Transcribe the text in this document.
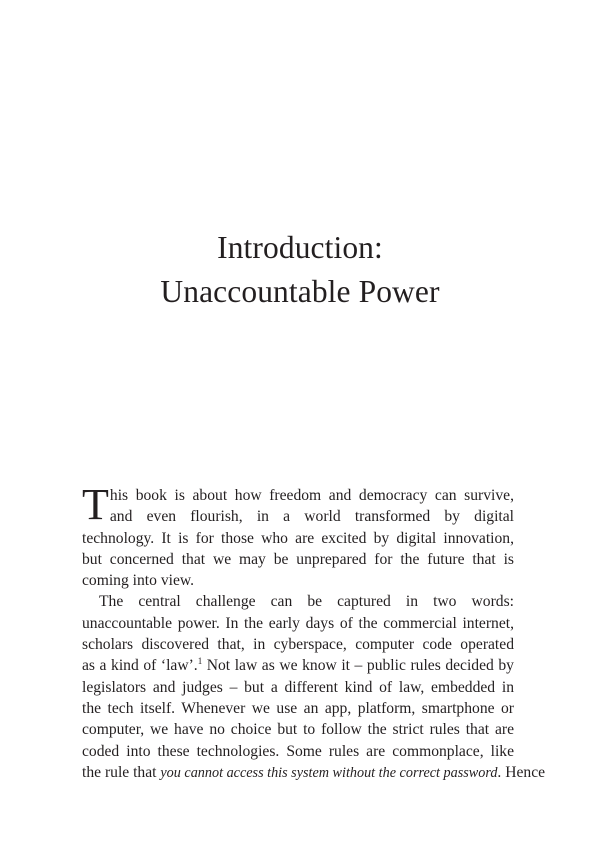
Introduction:
Unaccountable Power
T his book is about how freedom and democracy can survive,
and even flourish, in a world transformed by digital
technology. It is for those who are excited by digital innovation,
but concerned that we may be unprepared for the future that is
coming into view.
The central challenge can be captured in two words:
unaccountable power. In the early days of the commercial internet,
scholars discovered that, in cyberspace, computer code operated
as a kind of ‘law’.$^1$ Not law as we know it – public rules decided by
legislators and judges – but a different kind of law, embedded in
the tech itself. Whenever we use an app, platform, smartphone or
computer, we have no choice but to follow the strict rules that are
coded into these technologies. Some rules are commonplace, like
the rule that you cannot access this system without the correct password. Hence
